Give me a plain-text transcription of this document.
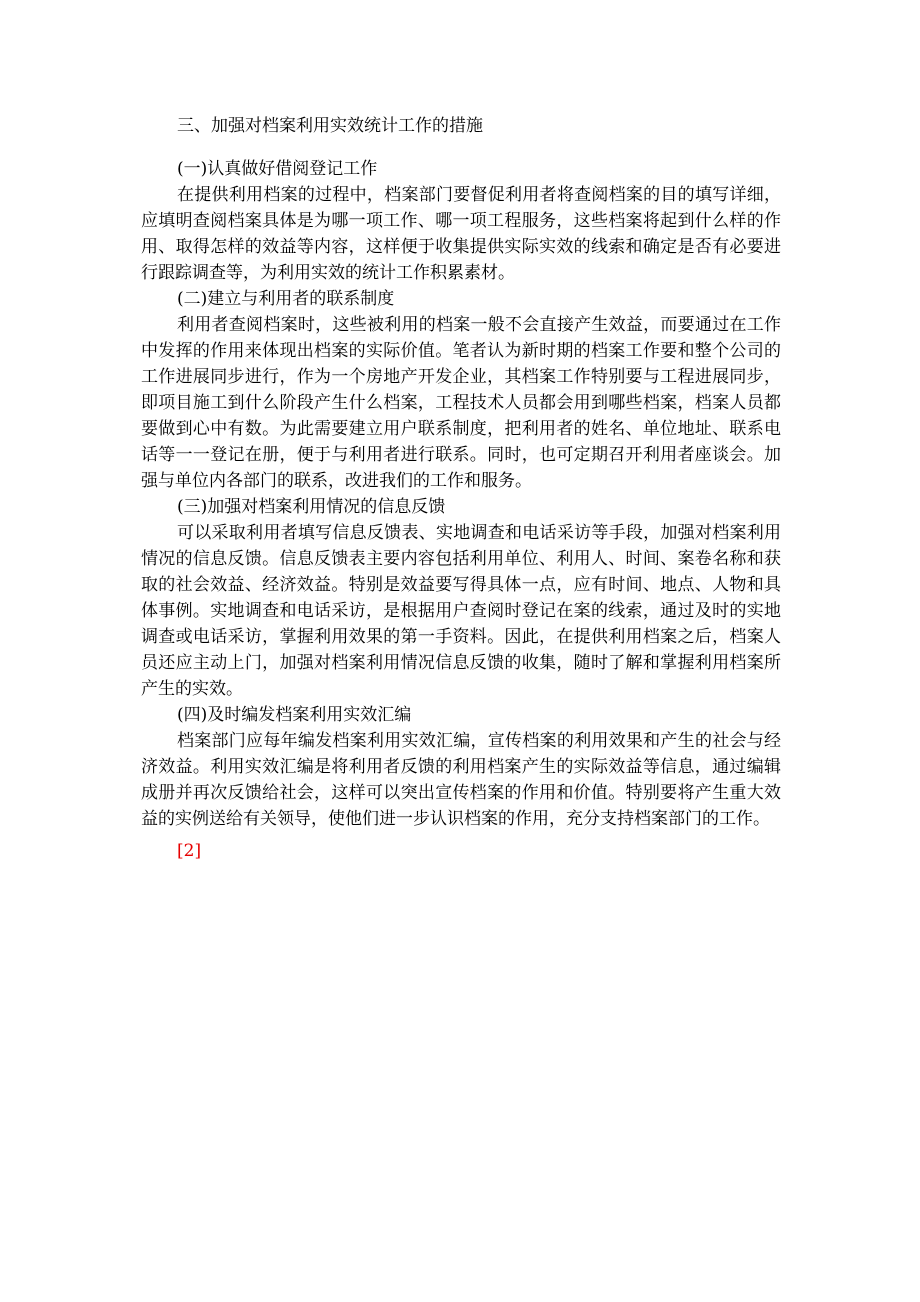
三、加强对档案利用实效统计工作的措施

(一)认真做好借阅登记工作

在提供利用档案的过程中，档案部门要督促利用者将查阅档案的目的填写详细，应填明查阅档案具体是为哪一项工作、哪一项工程服务，这些档案将起到什么样的作用、取得怎样的效益等内容，这样便于收集提供实际实效的线索和确定是否有必要进行跟踪调查等，为利用实效的统计工作积累素材。

(二)建立与利用者的联系制度

利用者查阅档案时，这些被利用的档案一般不会直接产生效益，而要通过在工作中发挥的作用来体现出档案的实际价值。笔者认为新时期的档案工作要和整个公司的工作进展同步进行，作为一个房地产开发企业，其档案工作特别要与工程进展同步，即项目施工到什么阶段产生什么档案，工程技术人员都会用到哪些档案，档案人员都要做到心中有数。为此需要建立用户联系制度，把利用者的姓名、单位地址、联系电话等一一登记在册，便于与利用者进行联系。同时，也可定期召开利用者座谈会。加强与单位内各部门的联系，改进我们的工作和服务。

(三)加强对档案利用情况的信息反馈

可以采取利用者填写信息反馈表、实地调查和电话采访等手段，加强对档案利用情况的信息反馈。信息反馈表主要内容包括利用单位、利用人、时间、案卷名称和获取的社会效益、经济效益。特别是效益要写得具体一点，应有时间、地点、人物和具体事例。实地调查和电话采访，是根据用户查阅时登记在案的线索，通过及时的实地调查或电话采访，掌握利用效果的第一手资料。因此，在提供利用档案之后，档案人员还应主动上门，加强对档案利用情况信息反馈的收集，随时了解和掌握利用档案所产生的实效。

(四)及时编发档案利用实效汇编

档案部门应每年编发档案利用实效汇编，宣传档案的利用效果和产生的社会与经济效益。利用实效汇编是将利用者反馈的利用档案产生的实际效益等信息，通过编辑成册并再次反馈给社会，这样可以突出宣传档案的作用和价值。特别要将产生重大效益的实例送给有关领导，使他们进一步认识档案的作用，充分支持档案部门的工作。

[2]
